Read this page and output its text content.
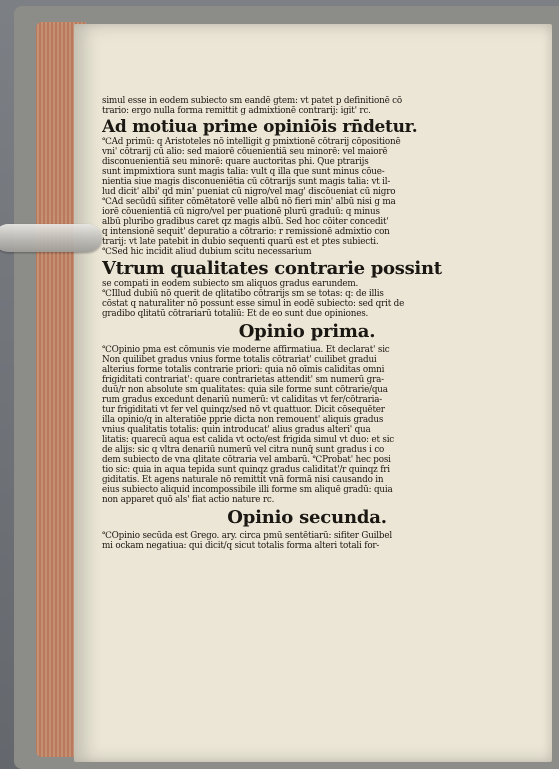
simul esse in eodem subiecto sm eandē gtem: vt patet p definitionē cō
trario: ergo nulla forma remittit g admixtionē contrarij: igit' rc.
Ad motiua prime opiniōis rn̄detur.
℃Ad primū: q Aristoteles nō intelligit g pmixtionē cōtrarij cōpositionē
vni' cōtrarij cū alio: sed maiorē cōuenientiā seu minorē: vel maiorē
disconuenientiā seu minorē: quare auctoritas phi. Que ptrarijs
sunt impmixtiora sunt magis talia: vult q illa que sunt minus cōue-
nientia siue magis disconueniētia cū cōtrarijs sunt magis talia: vt il-
lud dicit' albi' qd min' pueniat cū nigro/vel mag' discōueniat cū nigro
℃Ad secūdū sifiter cōmētatorē velle albū nō fieri min' albū nisi g ma
iorē cōuenientiā cū nigro/vel per puationē plurū graduū: q minus
albū pluribo gradibus caret qz magis albū. Sed hoc cōiter concedit'
q intensionē sequit' depuratio a cōtrario: r remissionē admixtio con
trarij: vt late patebit in dubio sequenti quarū est et ptes subiecti.
℃Sed hic incidit aliud dubium scitu necessarium
Vtrum qualitates contrarie possint
se compati in eodem subiecto sm aliquos gradus earundem.
℃Illud dubiū nō querit de qlitatibo cōtrarijs sm se totas: q: de illis
cōstat q naturaliter nō possunt esse simul in eodē subiecto: sed qrit de
gradibo qlitatū cōtrariarū totaliū: Et de eo sunt due opiniones.
Opinio prima.
℃Opinio pma est cōmunis vie moderne affirmatiua. Et declarat' sic
Non quilibet gradus vnius forme totalis cōtrariat' cuilibet gradui
alterius forme totalis contrarie priori: quia nō oīmis caliditas omni
frigiditati contrariat': quare contrarietas attendit' sm numerū gra-
duū/r non absolute sm qualitates: quia sile forme sunt cōtrarie/qua
rum gradus excedunt denariū numerū: vt caliditas vt fer/cōtraria-
tur frigiditati vt fer vel quinqz/sed nō vt quattuor. Dicit cōsequēter
illa opinio/q in alteratiōe pprie dicta non remouent' aliquis gradus
vnius qualitatis totalis: quin introducat' alius gradus alteri' qua
litatis: quarecū aqua est calida vt octo/est frigida simul vt duo: et sic
de alijs: sic q vltra denariū numerū vel citra nunq̄ sunt gradus i co
dem subiecto de vna qlitate cōtraria vel ambarū. ℃Probat' hec posi
tio sic: quia in aqua tepida sunt quinqz gradus caliditat'/r quinqz fri
giditatis. Et agens naturale nō remittit vnā formā nisi causando in
eius subiecto aliquid incompossibile illi forme sm aliquē gradū: quia
non apparet quō als' fiat actio nature rc.
Opinio secunda.
℃Opinio secūda est Grego. ary. circa pmū sentētiarū: sifiter Guilbel
mi ockam negatiua: qui dicit/q sicut totalis forma alteri totali for-
